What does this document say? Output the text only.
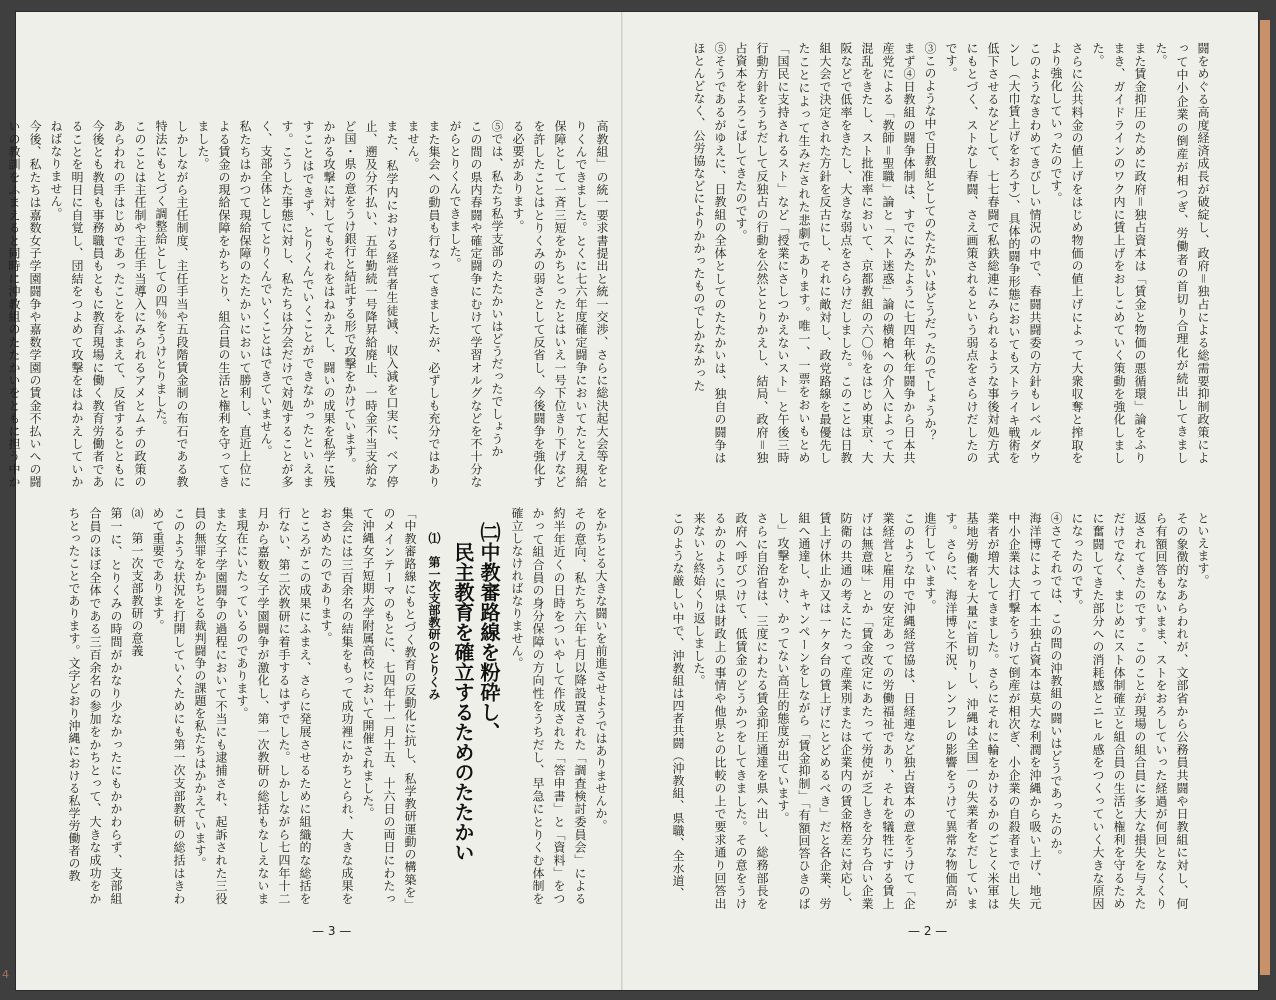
高教組」の統一要求書提出と統一交渉、さらに総決起大会等をとりくんできました。とくに七六年度確定闘争においてたとえ現給保障として一斉三短をかちとったとはいえ一号下位きり下げなどを許したことはとりくみの弱さとして反省し、今後闘争を強化する必要があります。
⑤では、私たち私学支部のたたかいはどうだったでしょうか
この間の県内春闘や確定闘争にむけて学習オルグなどを不十分ながらとりくんできました。
また集会への動員も行なってきましたが、必ずしも充分ではありません。
また、私学内における経営者生徒減、収入減を口実に、ベア停止、遡及分不払い、五年勤続一号降昇給廃止、一時金不当支給など国・県の意をうけ銀行と結託する形で攻撃をかけています。
かかる攻撃に対してもそれをはねかえし、闘いの成果を私学に残すことはできず、とりくんでいくことができなかったといえます。こうした事態に対し、私たちは分会だけで対処することが多く、支部全体としてとりくんでいくことはできていません。
私たちはかつて現給保障のたたかいにおいて勝利し、直近上位による賃金の現給保障をかちとり、組合員の生活と権利を守ってきました。
しかしながら主任制度、主任手当や五段階賃金制の布石である教特法にもとづく調整給としての四％をうけとりました。
このことは主任制や主任手当導入にみられるアメとムチの政策のあらわれの手はじめであったことをふまえて、反省するとともに今後とも教員も事務職員もともに教育現場に働く教育労働者であることを明日に自覚し、団結をつよめて攻撃をはねかえしていかねばなりません。
今後、私たちは嘉数女子学園闘争や嘉数学園の賃金不払いへの闘いの教訓をふまえると同時に沖教組のたたかいをともに担う中か
をかちとる大きな闘いを前進させようではありませんか。
その意向、私たち六年七月以降設置された「調査検討委員会」による約半年近くの日時をついやして作成された「答申書」と「資料」をつかって組合員の身分保障の方向性をうちだし、早急にとりくむ体制を確立しなければなりません。
㈡中教審路線を粉砕し、
　民主教育を確立するためのたたかい
⑴　第一次支部教研のとりくみ
「中教審路線にもとづく教育の反動化に抗し、私学教研運動の構築を」のメインテーマのもとに、七四年十一月十五、十六日の両日にわたって沖縄女子短期大学附属高校において開催されました。
集会には三百余名の結集をもって成功裡にかちとられ、大きな成果をおさめたのであります。
ところがこの成果にふまえ、さらに発展させるために組織的な総括を行ない、第二次教研に着手するはずでした。しかしながら七四年十二月から嘉数女子学園闘争が激化し、第一次教研の総括もなしえないまま現在にいたっているのであります。
また女子学園闘争の過程において不当にも逮捕され、起訴された三役員の無罪をかちとる裁判闘争の課題を私たちはかかえています。
このような状況を打開していくためにも第一次支部教研の総括はきわめて重要であります。
⒜　第一次支部教研の意義
第一に、とりくみの時間がかなり少なかったにもかかわらず、支部組合員のほぼ全体である三百余名の参加をかちとって、大きな成功をかちとったことであります。文字どおり沖縄における私学労働者の教
— 3 —
闘をめぐる高度経済成長が破綻し、政府＝独占による総需要抑制政策によって中小企業の倒産が相つぎ、労働者の首切り合理化が続出してきました。
また賃金抑圧のために政府＝独占資本は「賃金と物価の悪循環」論をふりまき、ガイドラインのワク内に賃上げをおしこめていく策動を強化しました。
さらに公共料金の値上げをはじめ物価の値上げによって大衆収奪と搾取をより強化していったのです。
このようなきわめてきびしい情況の中で、春闘共闘委の方針もレベルダウンし（大巾賃上げをおろす）、具体的闘争形態においてもストライキ戦術を低下させるなどして、七七春闘で私鉄総連にみられるような事後対処方式にもとづく、ストなし春闘、さえ画策されるという弱点をさらけだしたのです。
③このような中で日教組としてのたたかいはどうだったのでしょうか？
まず④日教組の闘争体制は、すでにみたように七四年秋年闘争から日本共産党による「教師＝聖職」論と「スト迷惑」論の横槍への介入によって大混乱をきたし、スト批准率において、京都教組の六〇％をはじめ東京、大阪などで低率をきたし、大きな弱点をさらけだしました。このことは日教組大会で決定された方針を反古にし、それに敵対し、政党路線を最優先したことによって生みだされた悲劇であります。唯一、一票をおいもとめ「国民に支持されるスト」など「授業にさしつかえないスト」と午後三時行動方針をうちだして反独占の行動を公然ととりかえし、結局、政府＝独占資本をよろこばしてきたのです。
⑤そうであるがゆえに、日教組の全体としてのたたかいは、独自の闘争はほとんどなく、公労協などによりかかったものでしかなかった
といえます。
その象徴的なあらわれが、文部省から公務員共闘や日教組に対し、何ら有額回答もないまま、ストをおろしていった経過が何回となくくり返されてきたのです。このことが現場の組合員に多大な損失を与えただけでなく、まじめにスト体制確立と組合員の生活と権利を守るために奮闘してきた部分への消耗感とニヒル感をつくっていく大きな原因になったのです。
④さてそれでは、この間の沖教組の闘いはどうであったのか。
海洋博によって本土独占資本は莫大な利潤を沖縄から吸い上げ、地元中小企業は大打撃をうけて倒産が相次ぎ、小企業の自殺者まで出し失業者が増大してきました。さらにそれに輪をかけるかのごとく米軍は基地労働者を大量に首切りし、沖縄は全国一の失業者をだしています。さらに、海洋博と不況、レンフレの影響をうけて異常な物価高が進行しています。
このような中で沖縄経営協は、日経連など独占資本の意をうけて「企業経営と雇用の安定あっての労働福祉であり、それを犠牲にする賃上げは無意味」とか「賃金改定にあたって労使が乏しきを分ち合い企業防衛の共通の考えにたって産業別または企業内の賃金格差に対応し、賃上げ休止か又は一ケタ台の賃上げにとどめるべき」だと各企業、労組へ通達し、キャンペーンをしながら「賃金抑制」「有額回答ひきのばし」攻撃をかけ、かってない高圧的態度が出ています。
さらに自治省は、三度にわたる賃金抑圧通達を県へ出し、総務部長を政府へ呼びつけて、低賃金のどうかつをしてきました。その意をうけるかのように県は財政上の事情や他県との比較の上で要求通り回答出来ないと終始くり返しました。
このような厳しい中で、沖教組は四者共闘（沖教組、県職、全水道、
— 2 —
4
